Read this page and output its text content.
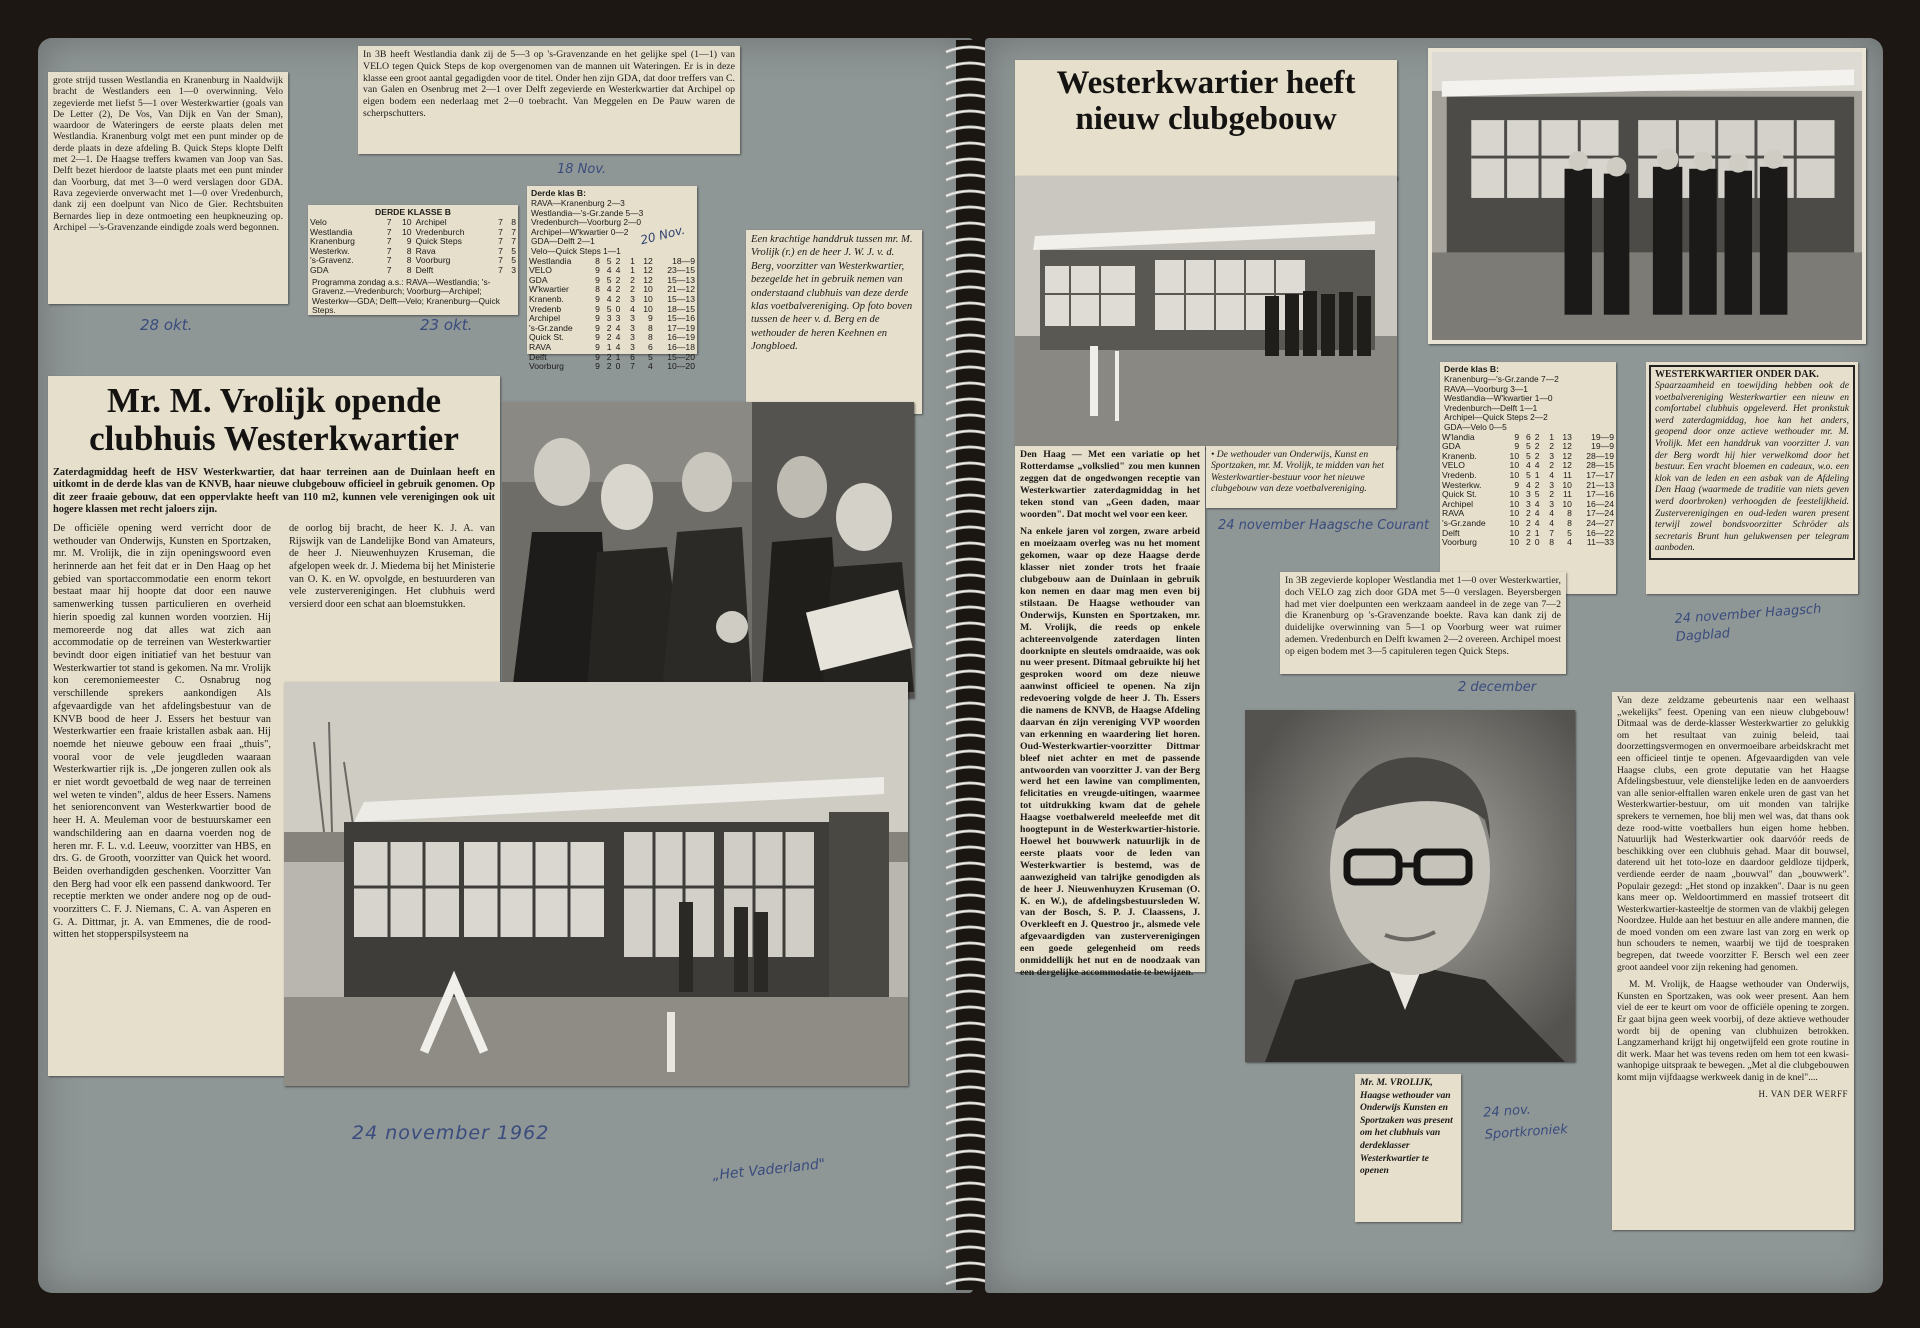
grote strijd tussen Westlandia en Kranenburg in Naaldwijk bracht de Westlanders een 1—0 overwinning. Velo zegevierde met liefst 5—1 over Westerkwartier (goals van De Letter (2), De Vos, Van Dijk en Van der Sman), waardoor de Wateringers de eerste plaats delen met Westlandia. Kranenburg volgt met een punt minder op de derde plaats in deze afdeling B. Quick Steps klopte Delft met 2—1. De Haagse treffers kwamen van Joop van Sas. Delft bezet hierdoor de laatste plaats met een punt minder dan Voorburg, dat met 3—0 werd verslagen door GDA. Rava zegevierde onverwacht met 1—0 over Vredenburch, dank zij een doelpunt van Nico de Gier. Rechtsbuiten Bernardes liep in deze ontmoeting een heupkneuzing op. Archipel —'s-Gravenzande eindigde zoals werd begonnen.
28 okt.
In 3B heeft Westlandia dank zij de 5—3 op 's-Gravenzande en het gelijke spel (1—1) van VELO tegen Quick Steps de kop overgenomen van de mannen uit Wateringen. Er is in deze klasse een groot aantal gegadigden voor de titel. Onder hen zijn GDA, dat door treffers van C. van Galen en Osenbrug met 2—1 over Delft zegevierde en Westerkwartier dat Archipel op eigen bodem een nederlaag met 2—0 toebracht. Van Meggelen en De Pauw waren de scherpschutters.
18 Nov.
DERDE KLASSE B
Velo	7	10	Archipel	7	8
Westlandia	7	10	Vredenburch	7	7
Kranenburg	7	9	Quick Steps	7	7
Westerkw.	7	8	Rava	7	5
's-Gravenz.	7	8	Voorburg	7	5
GDA	7	8	Delft	7	3
Programma zondag a.s.: RAVA—Westlandia; 's-Gravenz.—Vredenburch; Voorburg—Archipel; Westerkw—GDA; Delft—Velo; Kranenburg—Quick Steps.
23 okt.
Derde klas B:
RAVA—Kranenburg 2—3
Westlandia—'s-Gr.zande 5—3
Vredenburch—Voorburg 2—0
Archipel—W'kwartier 0—2
GDA—Delft 2—1
Velo—Quick Steps 1—1
Westlandia	8	5	2	1	12	18—9
VELO	9	4	4	1	12	23—15
GDA	9	5	2	2	12	15—13
W'kwartier	8	4	2	2	10	21—12
Kranenb.	9	4	2	3	10	15—13
Vredenb	9	5	0	4	10	18—15
Archipel	9	3	3	3	9	15—16
's-Gr.zande	9	2	4	3	8	17—19
Quick St.	9	2	4	3	8	16—19
RAVA	9	1	4	3	6	16—18
Delft	9	2	1	6	5	15—20
Voorburg	9	2	0	7	4	10—20
20 Nov.	Een krachtige handdruk tussen mr. M. Vrolijk (r.) en de heer J. W. J. v. d. Berg, voorzitter van Westerkwartier, bezegelde het in gebruik nemen van onderstaand clubhuis van deze derde klas voetbalvereniging. Op foto boven tussen de heer v. d. Berg en de wethouder de heren Keehnen en Jongbloed.
Mr. M. Vrolijk opende clubhuis Westerkwartier
Zaterdagmiddag heeft de HSV Westerkwartier, dat haar terreinen aan de Duinlaan heeft en uitkomt in de derde klas van de KNVB, haar nieuwe clubgebouw officieel in gebruik genomen. Op dit zeer fraaie gebouw, dat een oppervlakte heeft van 110 m2, kunnen vele verenigingen ook uit hogere klassen met recht jaloers zijn.
De officiële opening werd verricht door de wethouder van Onderwijs, Kunsten en Sportzaken, mr. M. Vrolijk, die in zijn openingswoord even herinnerde aan het feit dat er in Den Haag op het gebied van sportaccommodatie een enorm tekort bestaat maar hij hoopte dat door een nauwe samenwerking tussen particulieren en overheid hierin spoedig zal kunnen worden voorzien. Hij memoreerde nog dat alles wat zich aan accommodatie op de terreinen van Westerkwartier bevindt door eigen initiatief van het bestuur van Westerkwartier tot stand is gekomen. Na mr. Vrolijk kon ceremoniemeester C. Osnabrug nog verschillende sprekers aankondigen Als afgevaardigde van het afdelingsbestuur van de KNVB bood de heer J. Essers het bestuur van Westerkwartier een fraaie kristallen asbak aan. Hij noemde het nieuwe gebouw een fraai „thuis", vooral voor de vele jeugdleden waaraan Westerkwartier rijk is. „De jongeren zullen ook als er niet wordt gevoetbald de weg naar de terreinen wel weten te vinden", aldus de heer Essers. Namens het seniorenconvent van Westerkwartier bood de heer H. A. Meuleman voor de bestuurskamer een wandschildering aan en daarna voerden nog de heren mr. F. L. v.d. Leeuw, voorzitter van HBS, en drs. G. de Grooth, voorzitter van Quick het woord. Beiden overhandigden geschenken. Voorzitter Van den Berg had voor elk een passend dankwoord. Ter receptie merkten we onder andere nog op de oud-voorzitters C. F. J. Niemans, C. A. van Asperen en G. A. Dittmar, jr. A. van Emmenes, die de rood-witten het stopperspilsysteem na
de oorlog bij bracht, de heer K. J. A. van Rijswijk van de Landelijke Bond van Amateurs, de heer J. Nieuwenhuyzen Kruseman, die afgelopen week dr. J. Miedema bij het Ministerie van O. K. en W. opvolgde, en bestuurderen van vele zusterverenigingen. Het clubhuis werd versierd door een schat aan bloemstukken.
24 november 1962
„Het Vaderland"
Westerkwartier heeft nieuw clubgebouw
Den Haag — Met een variatie op het Rotterdamse „volkslied" zou men kunnen zeggen dat de ongedwongen receptie van Westerkwartier zaterdagmiddag in het teken stond van „Geen daden, maar woorden". Dat mocht wel voor een keer.
Na enkele jaren vol zorgen, zware arbeid en moeizaam overleg was nu het moment gekomen, waar op deze Haagse derde klasser niet zonder trots het fraaie clubgebouw aan de Duinlaan in gebruik kon nemen en daar mag men even bij stilstaan. De Haagse wethouder van Onderwijs, Kunsten en Sportzaken, mr. M. Vrolijk, die reeds op enkele achtereenvolgende zaterdagen linten doorknipte en sleutels omdraaide, was ook nu weer present. Ditmaal gebruikte hij het gesproken woord om deze nieuwe aanwinst officieel te openen. Na zijn redevoering volgde de heer J. Th. Essers die namens de KNVB, de Haagse Afdeling daarvan én zijn vereniging VVP woorden van erkenning en waardering liet horen. Oud-Westerkwartier-voorzitter Dittmar bleef niet achter en met de passende antwoorden van voorzitter J. van der Berg werd het een lawine van complimenten, felicitaties en vreugde-uitingen, waarmee tot uitdrukking kwam dat de gehele Haagse voetbalwereld meeleefde met dit hoogtepunt in de Westerkwartier-historie. Hoewel het bouwwerk natuurlijk in de eerste plaats voor de leden van Westerkwartier is bestemd, was de aanwezigheid van talrijke genodigden als de heer J. Nieuwenhuyzen Kruseman (O. K. en W.), de afdelingsbestuursleden W. van der Bosch, S. P. J. Claassens, J. Overkleeft en J. Questroo jr., alsmede vele afgevaardigden van zusterverenigingen een goede gelegenheid om reeds onmiddellijk het nut en de noodzaak van een dergelijke accommodatie te bewijzen.
• De wethouder van Onderwijs, Kunst en Sportzaken, mr. M. Vrolijk, te midden van het Westerkwartier-bestuur voor het nieuwe clubgebouw van deze voetbalvereniging.
24 november Haagsche Courant
Derde klas B:
Kranenburg—'s-Gr.zande 7—2
RAVA—Voorburg 3—1
Westlandia—W'kwartier 1—0
Vredenburch—Delft 1—1
Archipel—Quick Steps 2—2
GDA—Velo 0—5
W'landia	9	6	2	1	13	19—9
GDA	9	5	2	2	12	19—9
Kranenb.	10	5	2	3	12	28—19
VELO	10	4	4	2	12	28—15
Vredenb.	10	5	1	4	11	17—17
Westerkw.	9	4	2	3	10	21—13
Quick St.	10	3	5	2	11	17—16
Archipel	10	3	4	3	10	16—24
RAVA	10	2	4	4	8	17—24
's-Gr.zande	10	2	4	4	8	24—27
Delft	10	2	1	7	5	16—22
Voorburg	10	2	0	8	4	11—33
WESTERKWARTIER ONDER DAK.
Spaarzaamheid en toewijding hebben ook de voetbalvereniging Westerkwartier een nieuw en comfortabel clubhuis opgeleverd. Het pronkstuk werd zaterdagmiddag, hoe kan het anders, geopend door onze actieve wethouder mr. M. Vrolijk. Met een handdruk van voorzitter J. van der Berg wordt hij hier verwelkomd door het bestuur. Een vracht bloemen en cadeaux, w.o. een klok van de leden en een asbak van de Afdeling Den Haag (waarmede de traditie van niets geven werd doorbroken) verhoogden de feestelijkheid. Zusterverenigingen en oud-leden waren present terwijl zowel bondsvoorzitter Schröder als secretaris Brunt hun gelukwensen per telegram aanboden.
24 november Haagsch Dagblad
In 3B zegevierde koploper Westlandia met 1—0 over Westerkwartier, doch VELO zag zich door GDA met 5—0 verslagen. Beyersbergen had met vier doelpunten een werkzaam aandeel in de zege van 7—2 die Kranenburg op 's-Gravenzande boekte. Rava kan dank zij de duidelijke overwinning van 5—1 op Voorburg weer wat ruimer ademen. Vredenburch en Delft kwamen 2—2 overeen. Archipel moest op eigen bodem met 3—5 capituleren tegen Quick Steps.
2 december
Mr. M. VROLIJK, Haagse wethouder van Onderwijs Kunsten en Sportzaken was present om het clubhuis van derdeklasser Westerkwartier te openen
24 nov. Sportkroniek
Van deze zeldzame gebeurtenis naar een welhaast „wekelijks" feest. Opening van een nieuw clubgebouw! Ditmaal was de derde-klasser Westerkwartier zo gelukkig om het resultaat van zuinig beleid, taai doorzettingsvermogen en onvermoeibare arbeidskracht met een officieel tintje te openen. Afgevaardigden van vele Haagse clubs, een grote deputatie van het Haagse Afdelingsbestuur, vele dienstelijke leden en de aanvoerders van alle senior-elftallen waren enkele uren de gast van het Westerkwartier-bestuur, om uit monden van talrijke sprekers te vernemen, hoe blij men wel was, dat thans ook deze rood-witte voetballers hun eigen home hebben. Natuurlijk had Westerkwartier ook daarvóór reeds de beschikking over een clubhuis gehad. Maar dit bouwsel, daterend uit het toto-loze en daardoor geldloze tijdperk, verdiende eerder de naam „bouwval" dan „bouwwerk". Populair gezegd: „Het stond op inzakken". Daar is nu geen kans meer op. Weldoortimmerd en massief trotseert dit Westerkwartier-kasteeltje de stormen van de vlakbij gelegen Noordzee. Hulde aan het bestuur en alle andere mannen, die de moed vonden om een zware last van zorg en werk op hun schouders te nemen, waarbij we tijd de toespraken begrepen, dat tweede voorzitter F. Bersch wel een zeer groot aandeel voor zijn rekening had genomen.
M. M. Vrolijk, de Haagse wethouder van Onderwijs, Kunsten en Sportzaken, was ook weer present. Aan hem viel de eer te keurt om voor de officiële opening te zorgen. Er gaat bijna geen week voorbij, of deze aktieve wethouder wordt bij de opening van clubhuizen betrokken. Langzamerhand krijgt hij ongetwijfeld een grote routine in dit werk. Maar het was tevens reden om hem tot een kwasi-wanhopige uitspraak te bewegen. „Met al die clubgebouwen komt mijn vijfdaagse werkweek danig in de knel"....
H. VAN DER WERFF
